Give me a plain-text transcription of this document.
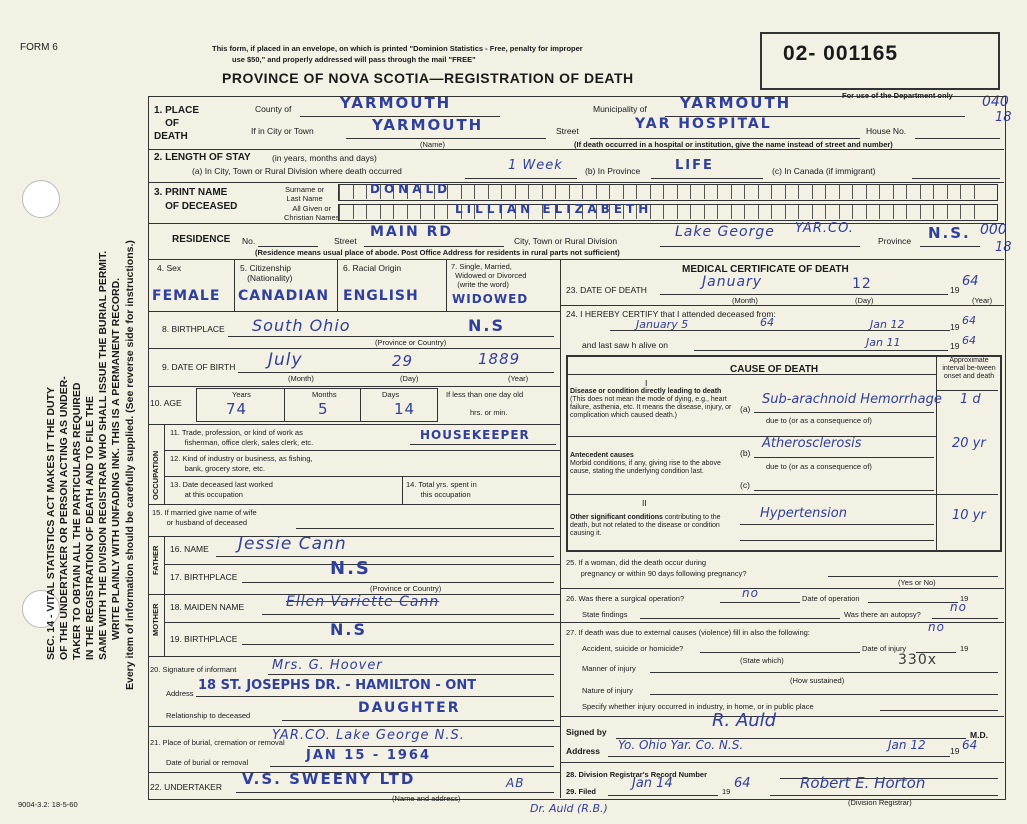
FORM 6	This form, if placed in an envelope, on which is printed "Dominion Statistics - Free, penalty for improper
use $50," and properly addressed will pass through the mail "FREE"
PROVINCE OF NOVA SCOTIA—REGISTRATION OF DEATH
02- 001165
For use of the Department only 040
18
000
18
SEC. 14 - VITAL STATISTICS ACT MAKES IT THE DUTY OF THE UNDERTAKER OR PERSON ACTING AS UNDER- TAKER TO OBTAIN ALL THE PARTICULARS REQUIRED IN THE REGISTRATION OF DEATH AND TO FILE THE SAME WITH THE DIVISION REGISTRAR WHO SHALL ISSUE THE BURIAL PERMIT. WRITE PLAINLY WITH UNFADING INK. THIS IS A PERMANENT RECORD. Every item of information should be carefully supplied. (See reverse side for instructions.)
1. PLACE
OF
DEATH
County of	YARMOUTH	Municipality of YARMOUTH
If in City or Town	YARMOUTH
(Name)
Street	YAR HOSPITAL	House No.
(If death occurred in a hospital or institution, give the name instead of street and number)
2. LENGTH OF STAY	(in years, months and days)
(a) In City, Town or Rural Division where death occurred	1 Week	(b) In Province	LIFE	(c) In Canada (if immigrant)
3. PRINT NAME
OF DECEASED
Surname or
Last Name
All Given or
Christian Names
DONALD
LILLIAN ELIZABETH
RESIDENCE No.	Street
MAIN RD
City, Town or Rural Division
Lake George YAR.CO.
Province N.S.
(Residence means usual place of abode. Post Office Address for residents in rural parts not sufficient)
4. Sex	5. Citizenship
(Nationality)
6. Racial Origin	7. Single, Married,
Widowed or Divorced
(write the word)
FEMALE CANADIAN ENGLISH	WIDOWED
8. BIRTHPLACE South Ohio	N.S
(Province or Country)
9. DATE OF BIRTH July	29	1889
(Month)	(Day)	(Year)
10. AGE
Years	Months	Days
74	5	14
If less than one day old
hrs. or min.
OCCUPATION
11. Trade, profession, or kind of work as
fisherman, office clerk, sales clerk, etc.
HOUSEKEEPER
12. Kind of industry or business, as fishing,
bank, grocery store, etc.
13. Date deceased last worked
at this occupation
14. Total yrs. spent in
this occupation
15. If married give name of wife
or husband of deceased
FATHER 16. NAME Jessie Cann
17. BIRTHPLACE	N.S
(Province or Country)
MOTHER 18. MAIDEN NAME	Ellen Variette Cann
19. BIRTHPLACE	N.S
20. Signature of informant	Mrs. G. Hoover
Address
18 ST. JOSEPHS DR. - HAMILTON - ONT
Relationship to deceased	DAUGHTER
21. Place of burial, cremation or removal
YAR.CO. Lake George N.S.
Date of burial or removal	JAN 15 - 1964
22. UNDERTAKER V.S. SWEENY LTD	AB
(Name and address)
Dr. Auld (R.B.)
9004-3.2: 18-5-60
MEDICAL CERTIFICATE OF DEATH
23. DATE OF DEATH	January	12	19
64
(Month)	(Day)	(Year)
24. I HEREBY CERTIFY that I attended deceased from:
January 5	64	Jan 12	19 64
and last saw h alive on	Jan 11	19 64
CAUSE OF DEATH
Approximate interval be-tween onset and death
I
Disease or condition directly leading to death (This does not mean the mode of dying, e.g., heart failure, asthenia, etc. It means the disease, injury, or complication which caused death.)
(a)
Sub-arachnoid Hemorrhage 1 d
due to (or as a consequence of)
Antecedent causes
Morbid conditions, if any, giving rise to the above cause, stating the underlying condition last.
(b)
Atherosclerosis	20 yr
due to (or as a consequence of)
(c)
II
Other significant conditions contributing to the death, but not related to the disease or condition causing it.
Hypertension	10 yr
25. If a woman, did the death occur during
pregnancy or within 90 days following pregnancy?
(Yes or No)
26. Was there a surgical operation?	no	Date of operation	19
State findings	Was there an autopsy?
no
27. If death was due to external causes (violence) fill in also the following:	no
Accident, suicide or homicide?	Date of injury	19
330x
(State which)
Manner of injury
(How sustained)
Nature of injury
Specify whether injury occurred in industry, in home, or in public place
Signed by
R. Auld
M.D.
Address Yo. Ohio Yar. Co. N.S.	Jan 12	19 64
28. Division Registrar's Record Number
29. Filed
Jan 14
19
64	Robert E. Horton
(Division Registrar)
